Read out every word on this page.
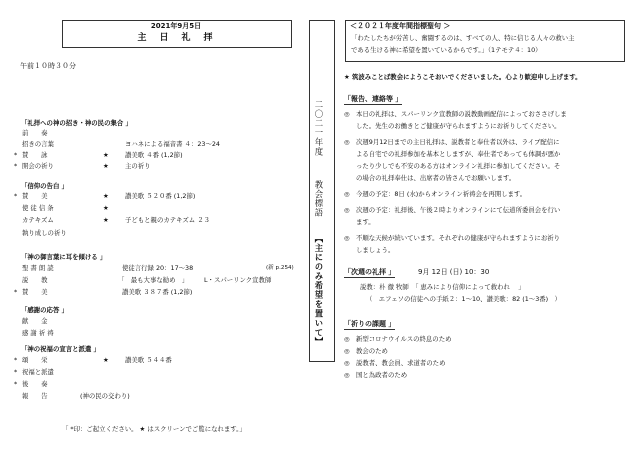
2021年9月5日
主　日　礼　拝
午前１０時３０分
「礼拝への神の招き・神の民の集合 」
「信仰の告白 」
「神の御言葉に耳を傾ける 」
「感謝の応答 」
「神の祝福の宣言と派遣 」
前　　奏
招きの言葉	ヨハネによる福音書 ４：23〜24
* 賛　　詠	★	讃美歌 ４番 (1,2節)
* 開会の祈り	★	主の祈り
* 賛　　美	★	讃美歌 ５２０番 (1,2節)
使 徒 信 条	★
カテキズム	★	子どもと親のカテキズム ２３
執り成しの祈り
聖 書 朗 読	使徒言行録 20：17〜38	(新 p.254)
説　　教	「　最も大事な勧め　」 L・スパーリンク宣教師
* 賛　　美	讃美歌 ３８７番 (1,2節)
献　　金
感 謝 祈 祷
* 頌　　栄	★	讃美歌 ５４４番
* 祝福と派遣
* 後　　奏
報　　告	(神の民の交わり)
「 *印：ご起立ください。 ★ はスクリーンでご覧になれます。」
二〇二一年度
教会標語
【主にのみ希望を置いて】
＜２０２１年度年間指標聖句 ＞
「わたしたちが労苦し、奮闘するのは、すべての人、特に信じる人々の救い主
である生ける神に希望を置いているからです。」（1テモテ４：10）
★ 筑波みことば教会にようこそおいでくださいました。心より歓迎申し上げます。
「報告、連絡等 」
◎ 本日の礼拝は、スパーリンク宣教師の説教動画配信によっておささげしま
した。先生のお働きとご健康が守られますようにお祈りしてください。
◎ 次週9月12日までの主日礼拝は、説教者と奉仕者以外は、ライブ配信に
よる自宅での礼拝参加を基本としますが、奉仕者であっても体調が悪か
ったり少しでも不安のある方はオンライン礼拝に参加してください。そ
の場合の礼拝奉仕は、出席者の皆さんでお願いします。
◎ 今週の予定：8日 (水)からオンライン祈祷会を再開します。
◎ 次週の予定：礼拝後、午後２時よりオンラインにて伝道所委員会を行い
ます。
◎ 不順な天候が続いています。それぞれの健康が守られますようにお祈り
しましょう。
「次週の礼拝 」	9月 12日 (日) 10：30
説教：朴 徹 牧師　「 恵みにより信仰によって救われ　 」
（　エフェソの信徒への手紙２：1〜10、讃美歌：82 (1〜3番)　）
「祈りの課題 」
◎ 新型コロナウイルスの終息のため
◎ 教会のため
◎ 説教者、教会員、求道者のため
◎ 国と為政者のため
